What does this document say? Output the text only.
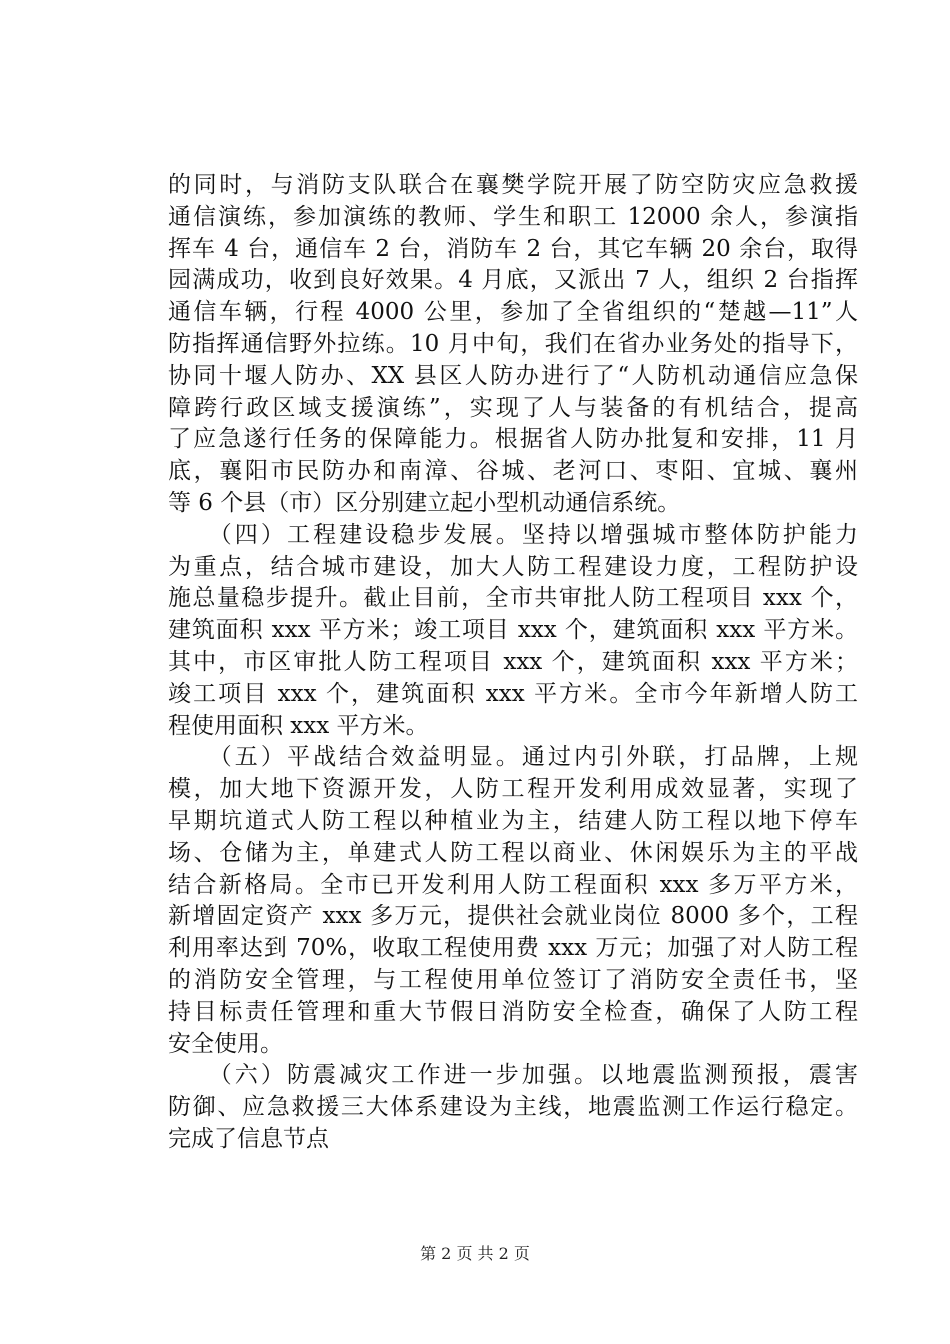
的同时，与消防支队联合在襄樊学院开展了防空防灾应急救援
通信演练，参加演练的教师、学生和职工 12000 余人，参演指
挥车 4 台，通信车 2 台，消防车 2 台，其它车辆 20 余台，取得
园满成功，收到良好效果。4 月底，又派出 7 人，组织 2 台指挥
通信车辆，行程 4000 公里，参加了全省组织的“楚越—11”人
防指挥通信野外拉练。10 月中旬，我们在省办业务处的指导下，
协同十堰人防办、XX 县区人防办进行了“人防机动通信应急保
障跨行政区域支援演练”，实现了人与装备的有机结合，提高
了应急遂行任务的保障能力。根据省人防办批复和安排，11 月
底，襄阳市民防办和南漳、谷城、老河口、枣阳、宜城、襄州
等 6 个县（市）区分别建立起小型机动通信系统。
　　（四）工程建设稳步发展。坚持以增强城市整体防护能力
为重点，结合城市建设，加大人防工程建设力度，工程防护设
施总量稳步提升。截止目前，全市共审批人防工程项目 xxx 个，
建筑面积 xxx 平方米；竣工项目 xxx 个，建筑面积 xxx 平方米。
其中，市区审批人防工程项目 xxx 个，建筑面积 xxx 平方米；
竣工项目 xxx 个，建筑面积 xxx 平方米。全市今年新增人防工
程使用面积 xxx 平方米。
　　（五）平战结合效益明显。通过内引外联，打品牌，上规
模，加大地下资源开发，人防工程开发利用成效显著，实现了
早期坑道式人防工程以种植业为主，结建人防工程以地下停车
场、仓储为主，单建式人防工程以商业、休闲娱乐为主的平战
结合新格局。全市已开发利用人防工程面积 xxx 多万平方米，
新增固定资产 xxx 多万元，提供社会就业岗位 8000 多个，工程
利用率达到 70%，收取工程使用费 xxx 万元；加强了对人防工程
的消防安全管理，与工程使用单位签订了消防安全责任书，坚
持目标责任管理和重大节假日消防安全检查，确保了人防工程
安全使用。
　　（六）防震减灾工作进一步加强。以地震监测预报，震害
防御、应急救援三大体系建设为主线，地震监测工作运行稳定。
完成了信息节点
第 2 页 共 2 页
